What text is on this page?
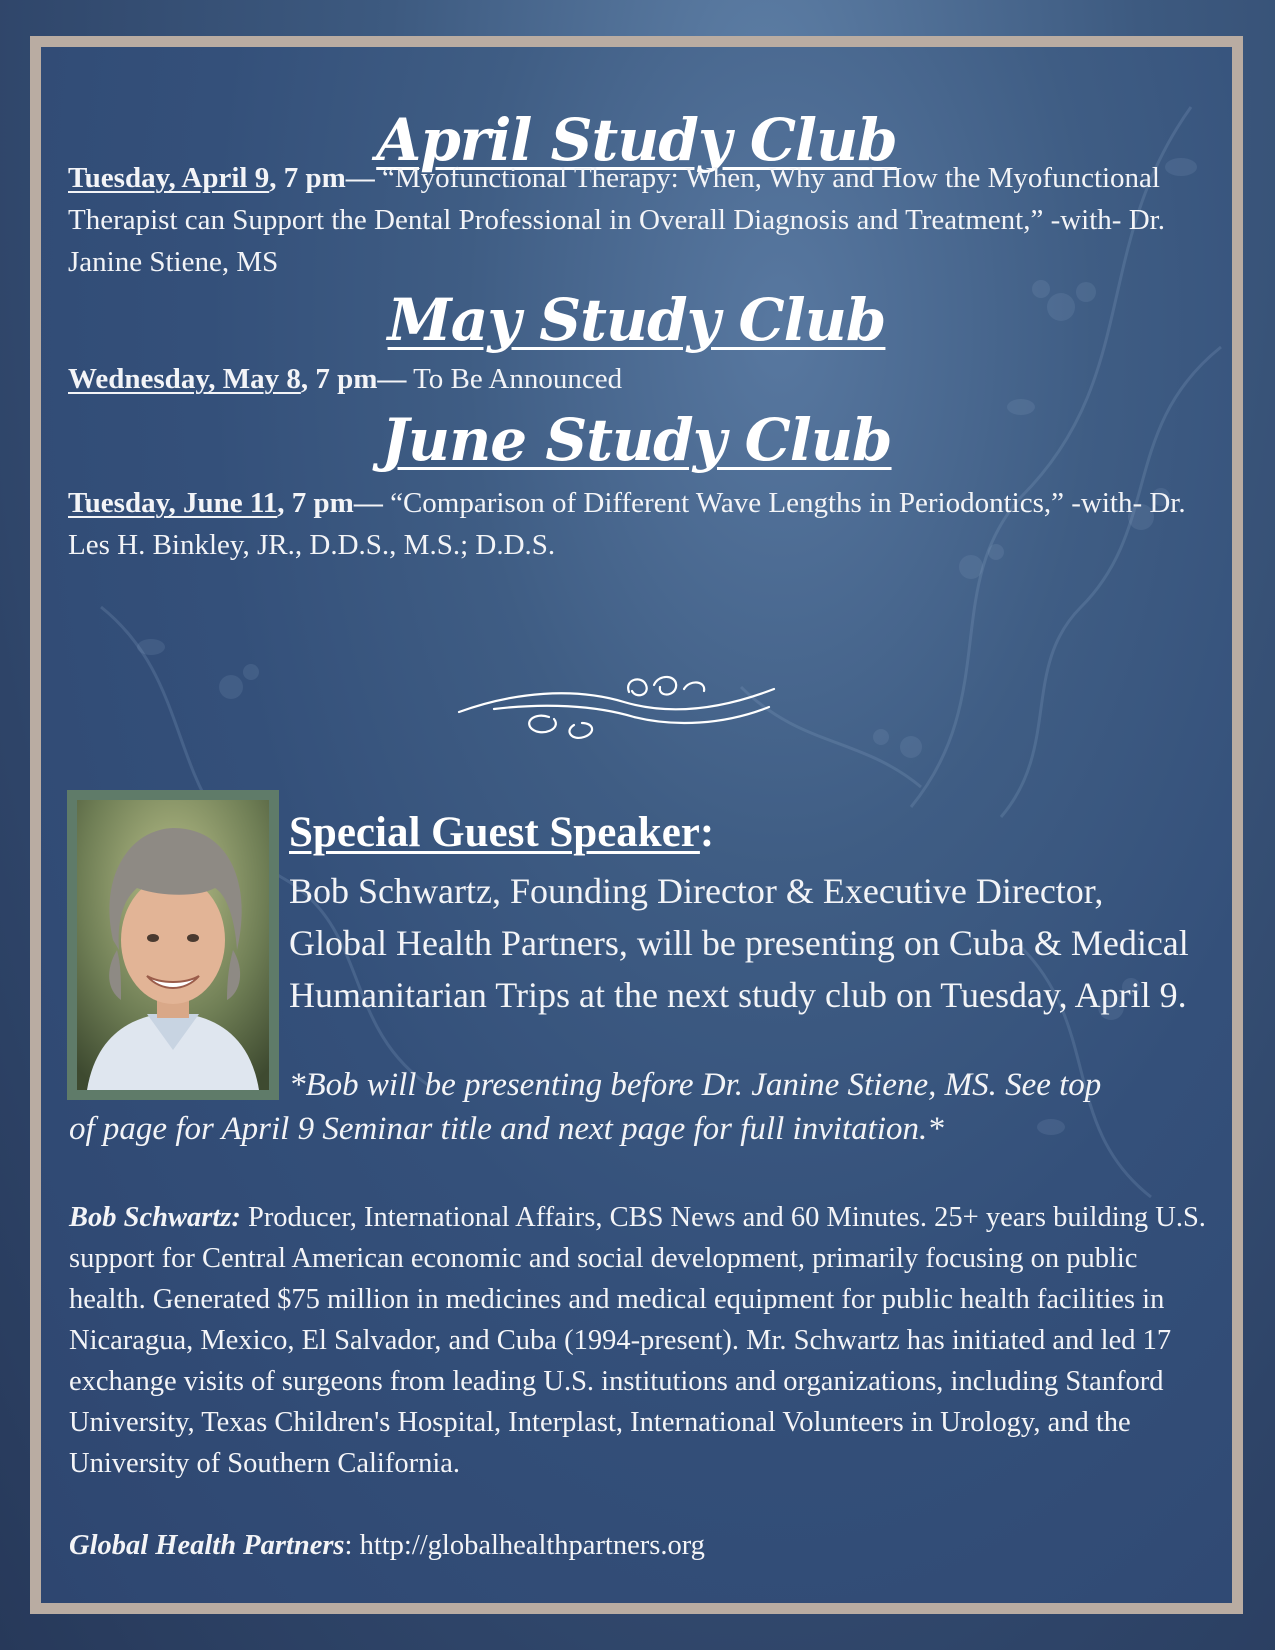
April Study Club

Tuesday, April 9, 7 pm— “Myofunctional Therapy: When, Why and How the Myofunctional Therapist can Support the Dental Professional in Overall Diagnosis and Treatment,” -with- Dr. Janine Stiene, MS

May Study Club

Wednesday, May 8, 7 pm— To Be Announced

June Study Club

Tuesday, June 11, 7 pm— “Comparison of Different Wave Lengths in Periodontics,” -with- Dr. Les H. Binkley, JR., D.D.S., M.S.; D.D.S.

Special Guest Speaker:

Bob Schwartz, Founding Director & Executive Director, Global Health Partners, will be presenting on Cuba & Medical Humanitarian Trips at the next study club on Tuesday, April 9.

*Bob will be presenting before Dr. Janine Stiene, MS. See top
of page for April 9 Seminar title and next page for full invitation.*

Bob Schwartz: Producer, International Affairs, CBS News and 60 Minutes. 25+ years building U.S. support for Central American economic and social development, primarily focusing on public health. Generated $75 million in medicines and medical equipment for public health facilities in Nicaragua, Mexico, El Salvador, and Cuba (1994-present). Mr. Schwartz has initiated and led 17 exchange visits of surgeons from leading U.S. institutions and organizations, including Stanford University, Texas Children's Hospital, Interplast, International Volunteers in Urology, and the University of Southern California.

Global Health Partners: http://globalhealthpartners.org
